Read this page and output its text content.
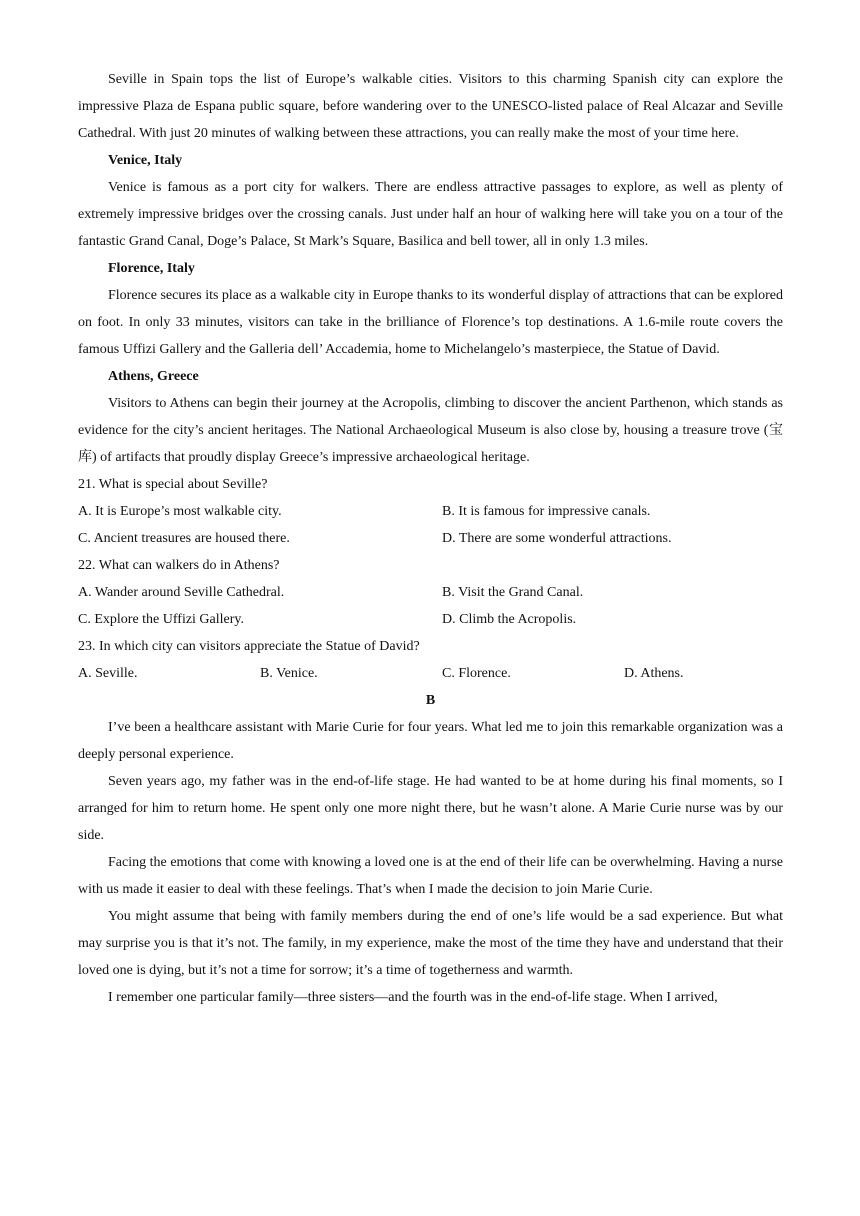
Seville in Spain tops the list of Europe’s walkable cities. Visitors to this charming Spanish city can explore the impressive Plaza de Espana public square, before wandering over to the UNESCO-listed palace of Real Alcazar and Seville Cathedral. With just 20 minutes of walking between these attractions, you can really make the most of your time here.

Venice, Italy

Venice is famous as a port city for walkers. There are endless attractive passages to explore, as well as plenty of extremely impressive bridges over the crossing canals. Just under half an hour of walking here will take you on a tour of the fantastic Grand Canal, Doge’s Palace, St Mark’s Square, Basilica and bell tower, all in only 1.3 miles.

Florence, Italy

Florence secures its place as a walkable city in Europe thanks to its wonderful display of attractions that can be explored on foot. In only 33 minutes, visitors can take in the brilliance of Florence’s top destinations. A 1.6-mile route covers the famous Uffizi Gallery and the Galleria dell’ Accademia, home to Michelangelo’s masterpiece, the Statue of David.

Athens, Greece

Visitors to Athens can begin their journey at the Acropolis, climbing to discover the ancient Parthenon, which stands as evidence for the city’s ancient heritages. The National Archaeological Museum is also close by, housing a treasure trove (宝库) of artifacts that proudly display Greece’s impressive archaeological heritage.

21. What is special about Seville?

A. It is Europe’s most walkable city.	B. It is famous for impressive canals.
C. Ancient treasures are housed there.	D. There are some wonderful attractions.

22. What can walkers do in Athens?

A. Wander around Seville Cathedral.	B. Visit the Grand Canal.
C. Explore the Uffizi Gallery.	D. Climb the Acropolis.

23. In which city can visitors appreciate the Statue of David?

A. Seville.	B. Venice.	C. Florence.	D. Athens.

B

I’ve been a healthcare assistant with Marie Curie for four years. What led me to join this remarkable organization was a deeply personal experience.

Seven years ago, my father was in the end-of-life stage. He had wanted to be at home during his final moments, so I arranged for him to return home. He spent only one more night there, but he wasn’t alone. A Marie Curie nurse was by our side.

Facing the emotions that come with knowing a loved one is at the end of their life can be overwhelming. Having a nurse with us made it easier to deal with these feelings. That’s when I made the decision to join Marie Curie.

You might assume that being with family members during the end of one’s life would be a sad experience. But what may surprise you is that it’s not. The family, in my experience, make the most of the time they have and understand that their loved one is dying, but it’s not a time for sorrow; it’s a time of togetherness and warmth.

I remember one particular family—three sisters—and the fourth was in the end-of-life stage. When I arrived,
